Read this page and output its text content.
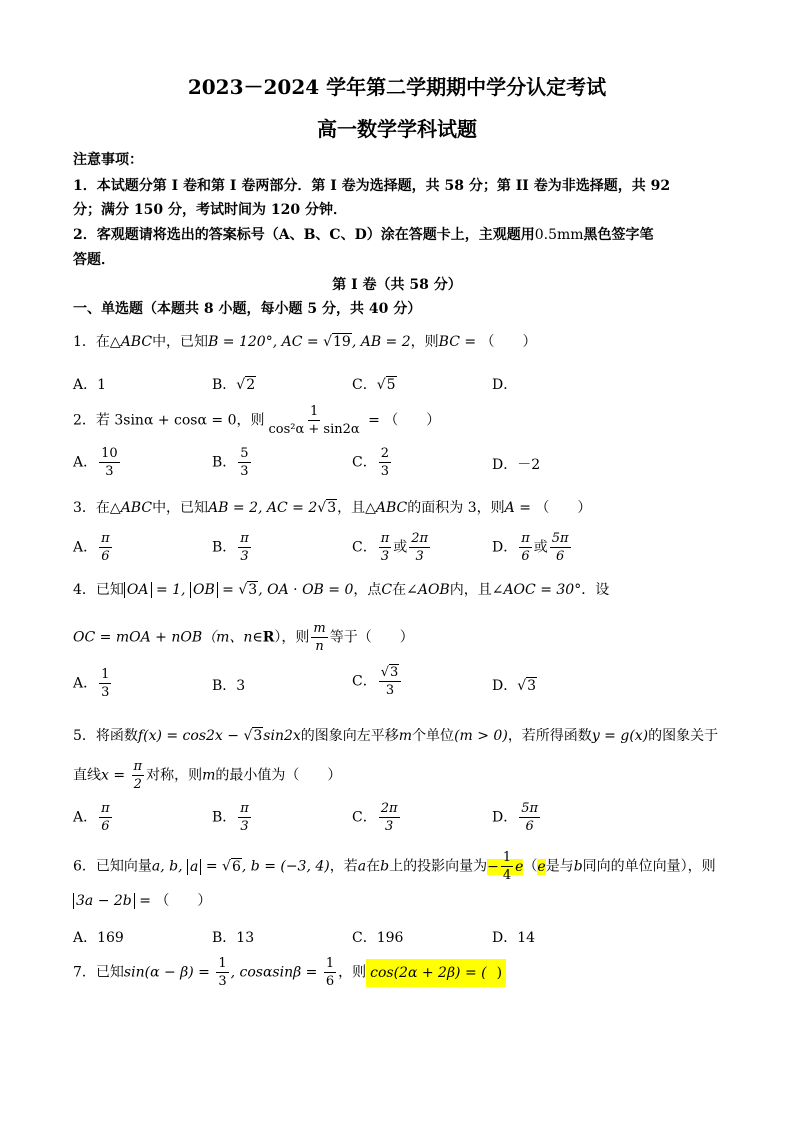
2023－2024 学年第二学期期中学分认定考试
高一数学学科试题
注意事项：
1．本试题分第 I 卷和第 I 卷两部分．第 I 卷为选择题，共 58 分；第 II 卷为非选择题，共 92
分；满分 150 分，考试时间为 120 分钟．
2．客观题请将选出的答案标号（A、B、C、D）涂在答题卡上，主观题用0.5mm黑色签字笔
答题．
第 I 卷（共 58 分）
一、单选题（本题共 8 小题，每小题 5 分，共 40 分）
1．在△ABC中，已知B = 120°, AC = √19, AB = 2，则BC = （　　）
A．1	B．√2	C．√5	D．
2．若 3sinα + cosα = 0，则 $\frac{1}{\text{cos²α + sin2α}}$ = （　　）
A． $\frac{10}{3}$	B． $\frac{5}{3}$	C． $\frac{2}{3}$	D．－2
3．在△ABC中，已知AB = 2, AC = 2√3，且△ABC的面积为 3，则A = （　　）
A． $\frac{\pi}{6}$	B． $\frac{\pi}{3}$	C． $\frac{\pi}{3}$ 或 $\frac{2\pi}{3}$	D． $\frac{\pi}{6}$ 或 $\frac{5\pi}{6}$
4．已知 OA = 1, OB = √3, OA · OB = 0，点C在∠AOB内，且∠AOC = 30°．设
OC = mOA + nOB（m、n∈R），则 $\frac{m}{n}$ 等于（　　）
A． $\frac{1}{3}$	B．3	C． $\frac{√3}{3}$	D．√3
5．将函数f(x) = cos2x − √3sin2x的图象向左平移m个单位(m > 0)，若所得函数y = g(x)的图象关于
直线$x = \frac{\pi}{2}$ 对称，则m的最小值为（　　）
A． $\frac{\pi}{6}$	B． $\frac{\pi}{3}$	C． $\frac{2\pi}{3}$	D． $\frac{5\pi}{6}$
6．已知向量a, b, a = √6, b = (−3, 4)，若a在b上的投影向量为− $\frac{1}{4} e(e$是与b同向的单位向量），则
3a − 2b = （　　）
A．169	B．13	C．196	D．14
7．已知$\sin(\alpha - \beta) = \frac{1}{3}$ , $\cos\alpha\sin\beta = \frac{1}{6}$ ，则 cos(2α + 2β) = ( )
